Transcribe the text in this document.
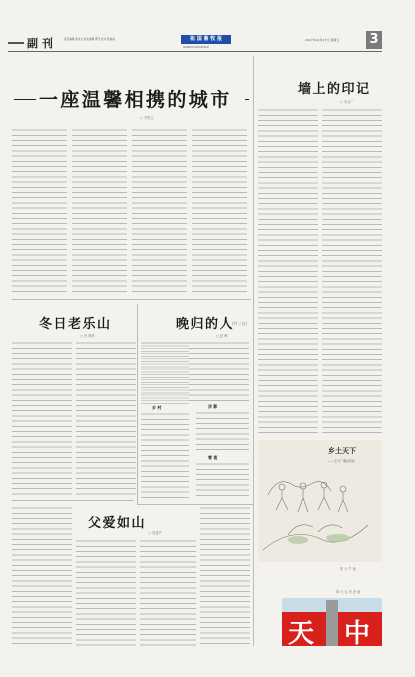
副 刊	责任编辑 陈永永 美术编辑 傅飞 校对 陈丽丽	祖 国 畜 牧 报
XIANGTU DAXUE BAO
2017年10月27日 星期五 3
一座温馨相携的城市
□ 韦思文
墙上的印记
□ 朱永广
乡土天下
——王大厂观文学栏
张 大 牛 画
林 大 元 李 老 画
天 中
冬日老乐山
□ 肖 海燕
晚归的人
(外三首)
□ 赵 梅
乡 村	浮 影
雪 夜
父爱如山
□ 吴建华
